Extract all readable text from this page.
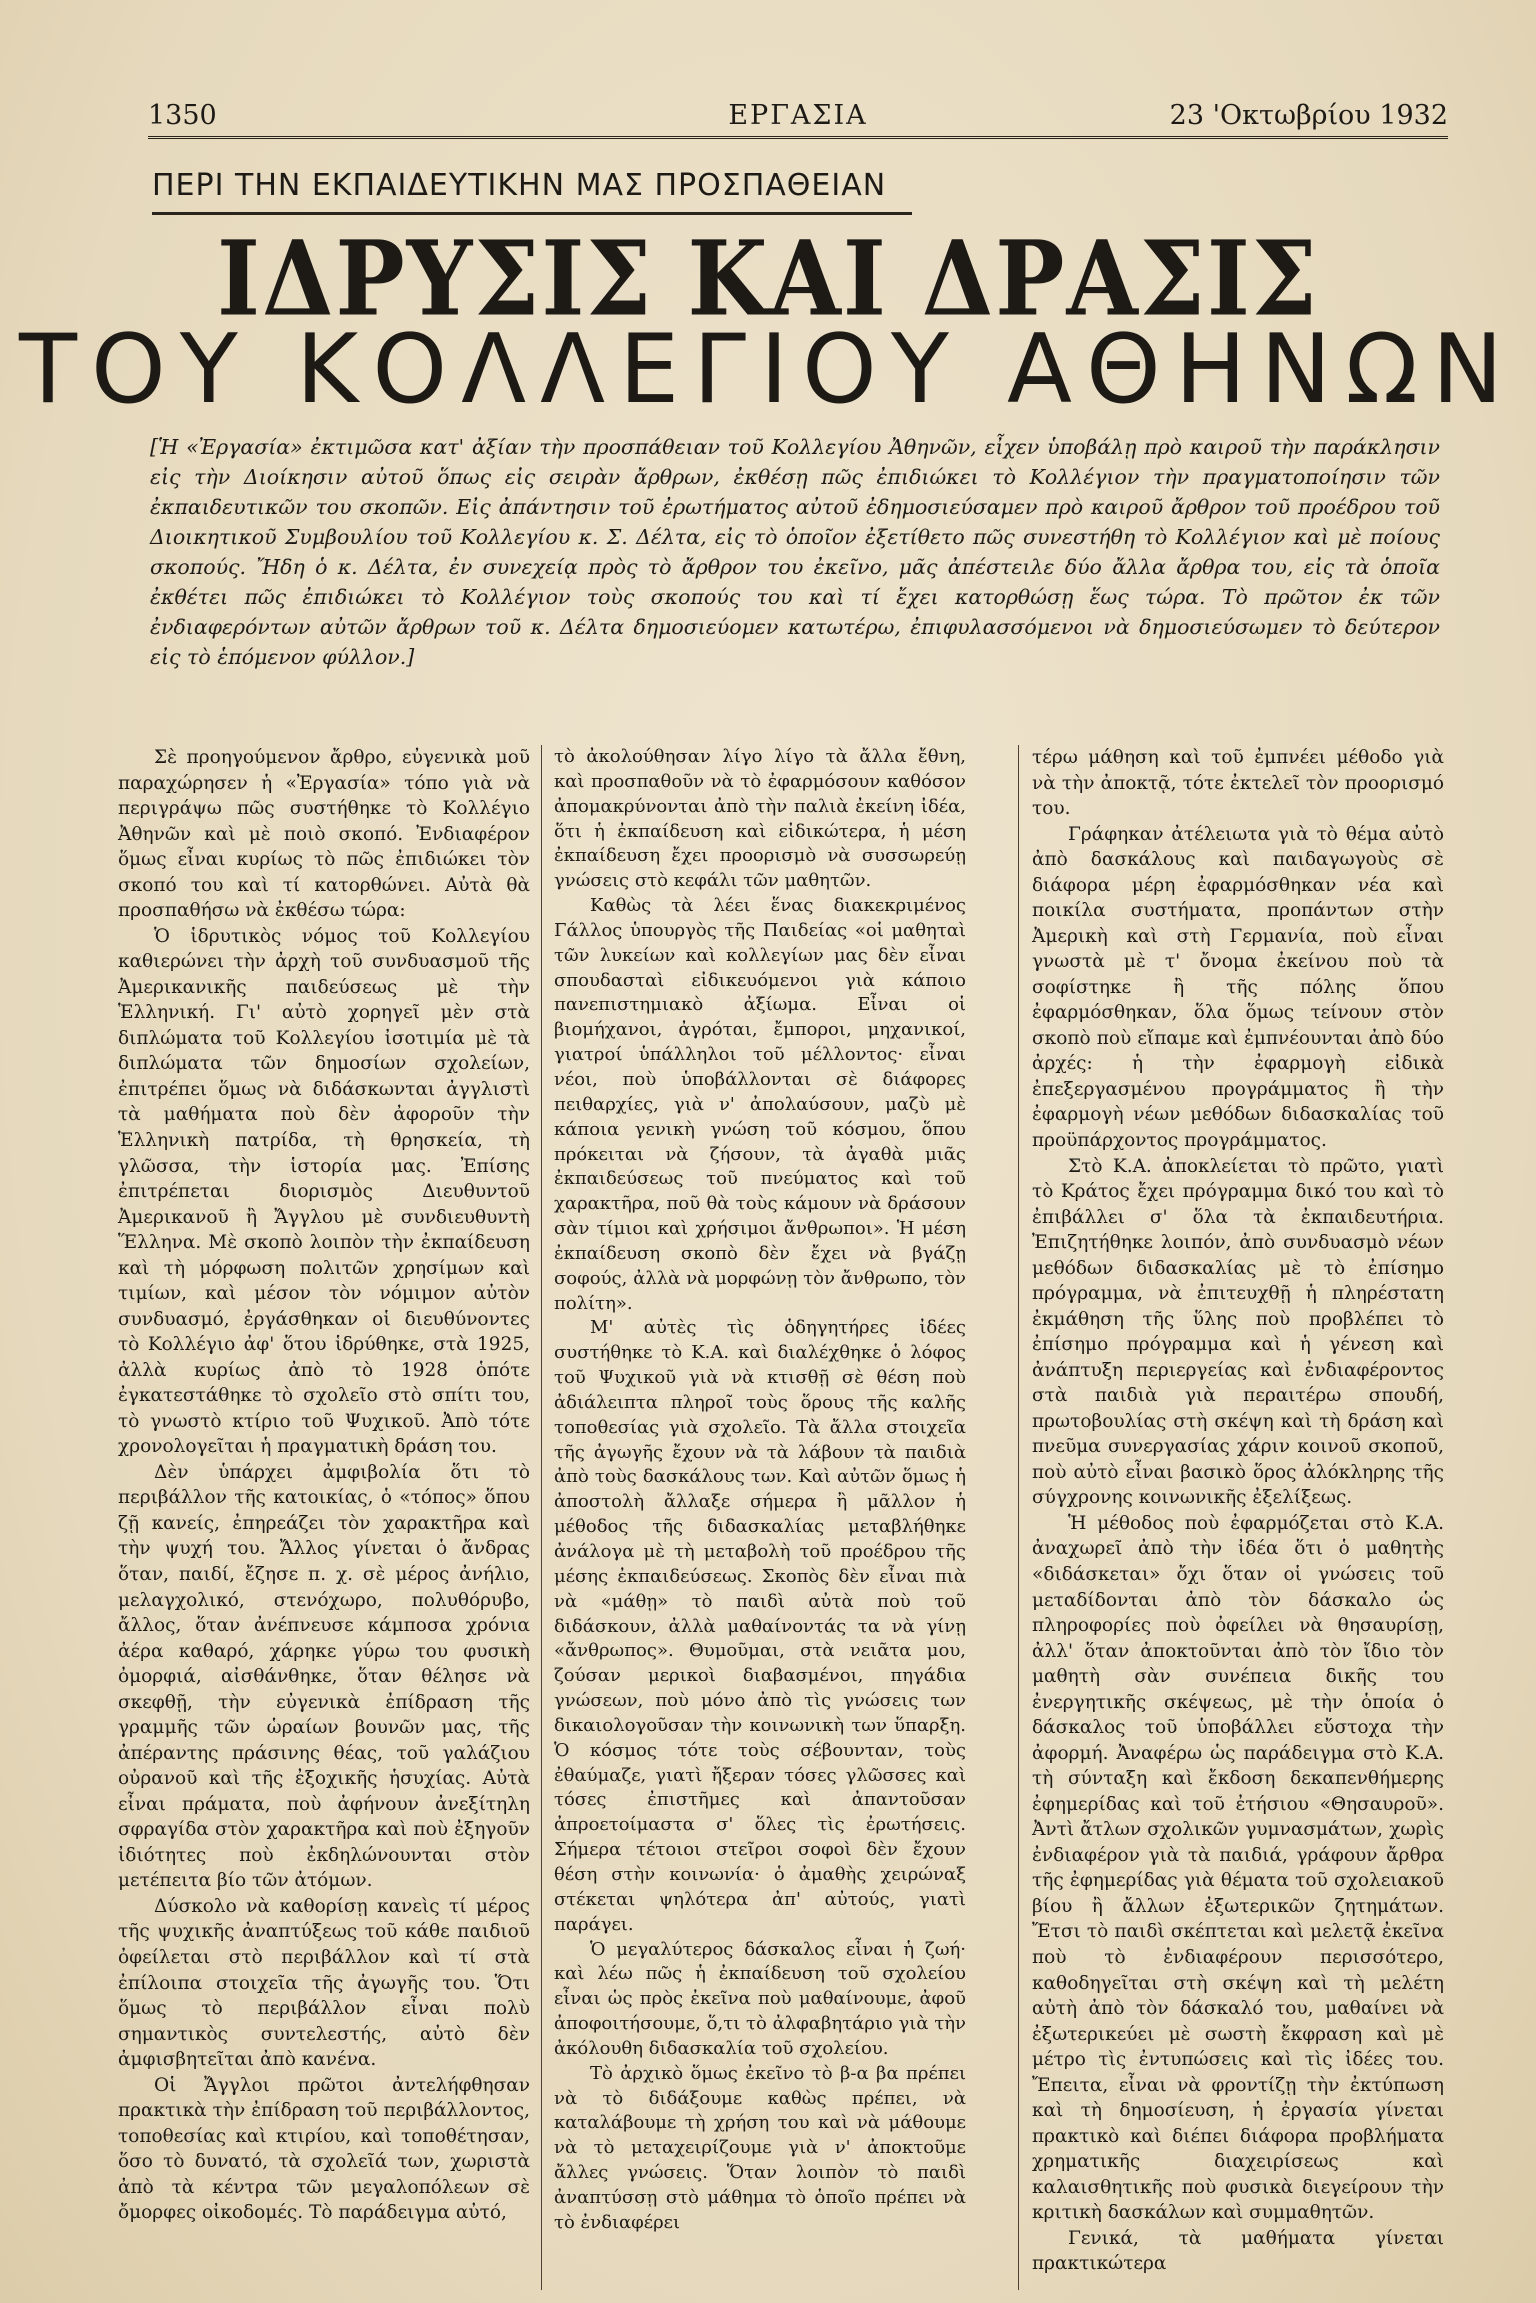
1350	ΕΡΓΑΣΙΑ	23 'Οκτωβρίου 1932
ΠΕΡΙ ΤΗΝ ΕΚΠΑΙΔΕΥΤΙΚΗΝ ΜΑΣ ΠΡΟΣΠΑΘΕΙΑΝ
ΙΔΡΥΣΙΣ ΚΑΙ ΔΡΑΣΙΣ
ΤΟΥ ΚΟΛΛΕΓΙΟΥ ΑΘΗΝΩΝ
[Ἡ «Ἐργασία» ἐκτιμῶσα κατ' ἀξίαν τὴν προσπάθειαν τοῦ Κολλεγίου Ἀθηνῶν, εἶχεν ὑποβάλῃ πρὸ καιροῦ τὴν παράκλησιν εἰς τὴν Διοίκησιν αὐτοῦ ὅπως εἰς σειρὰν ἄρθρων, ἐκθέσῃ πῶς ἐπιδιώκει τὸ Κολλέγιον τὴν πραγματοποίησιν τῶν ἐκπαιδευτικῶν του σκοπῶν. Εἰς ἀπάντησιν τοῦ ἐρωτήματος αὐτοῦ ἐδημοσιεύσαμεν πρὸ καιροῦ ἄρθρον τοῦ προέδρου τοῦ Διοικητικοῦ Συμβουλίου τοῦ Κολλεγίου κ. Σ. Δέλτα, εἰς τὸ ὁποῖον ἐξετίθετο πῶς συνεστήθη τὸ Κολλέγιον καὶ μὲ ποίους σκοπούς. Ἤδη ὁ κ. Δέλτα, ἐν συνεχείᾳ πρὸς τὸ ἄρθρον του ἐκεῖνο, μᾶς ἀπέστειλε δύο ἄλλα ἄρθρα του, εἰς τὰ ὁποῖα ἐκθέτει πῶς ἐπιδιώκει τὸ Κολλέγιον τοὺς σκοπούς του καὶ τί ἔχει κατορθώσῃ ἕως τώρα. Τὸ πρῶτον ἐκ τῶν ἐνδιαφερόντων αὐτῶν ἄρθρων τοῦ κ. Δέλτα δημοσιεύομεν κατωτέρω, ἐπιφυλασσόμενοι νὰ δημοσιεύσωμεν τὸ δεύτερον εἰς τὸ ἑπόμενον φύλλον.]

Σὲ προηγούμενον ἄρθρο, εὐγενικὰ μοῦ παραχώρησεν ἡ «Ἐργασία» τόπο γιὰ νὰ περιγράψω πῶς συστήθηκε τὸ Κολλέγιο Ἀθηνῶν καὶ μὲ ποιὸ σκοπό. Ἐνδιαφέρον ὅμως εἶναι κυρίως τὸ πῶς ἐπιδιώκει τὸν σκοπό του καὶ τί κατορθώνει. Αὐτὰ θὰ προσπαθήσω νὰ ἐκθέσω τώρα:

Ὁ ἱδρυτικὸς νόμος τοῦ Κολλεγίου καθιερώνει τὴν ἀρχὴ τοῦ συνδυασμοῦ τῆς Ἀμερικανικῆς παιδεύσεως μὲ τὴν Ἑλληνική. Γι' αὐτὸ χορηγεῖ μὲν στὰ διπλώματα τοῦ Κολλεγίου ἰσοτιμία μὲ τὰ διπλώματα τῶν δημοσίων σχολείων, ἐπιτρέπει ὅμως νὰ διδάσκωνται ἀγγλιστὶ τὰ μαθήματα ποὺ δὲν ἀφοροῦν τὴν Ἑλληνικὴ πατρίδα, τὴ θρησκεία, τὴ γλῶσσα, τὴν ἱστορία μας. Ἐπίσης ἐπιτρέπεται διορισμὸς Διευθυντοῦ Ἀμερικανοῦ ἢ Ἄγγλου μὲ συνδιευθυντὴ Ἕλληνα. Μὲ σκοπὸ λοιπὸν τὴν ἐκπαίδευση καὶ τὴ μόρφωση πολιτῶν χρησίμων καὶ τιμίων, καὶ μέσον τὸν νόμιμον αὐτὸν συνδυασμό, ἐργάσθηκαν οἱ διευθύνοντες τὸ Κολλέγιο ἀφ' ὅτου ἱδρύθηκε, στὰ 1925, ἀλλὰ κυρίως ἀπὸ τὸ 1928 ὁπότε ἐγκατεστάθηκε τὸ σχολεῖο στὸ σπίτι του, τὸ γνωστὸ κτίριο τοῦ Ψυχικοῦ. Ἀπὸ τότε χρονολογεῖται ἡ πραγματικὴ δράση του.

Δὲν ὑπάρχει ἀμφιβολία ὅτι τὸ περιβάλλον τῆς κατοικίας, ὁ «τόπος» ὅπου ζῇ κανείς, ἐπηρεάζει τὸν χαρακτῆρα καὶ τὴν ψυχή του. Ἄλλος γίνεται ὁ ἄνδρας ὅταν, παιδί, ἔζησε π. χ. σὲ μέρος ἀνήλιο, μελαγχολικό, στενόχωρο, πολυθόρυβο, ἄλλος, ὅταν ἀνέπνευσε κάμποσα χρόνια ἀέρα καθαρό, χάρηκε γύρω του φυσικὴ ὀμορφιά, αἰσθάνθηκε, ὅταν θέλησε νὰ σκεφθῇ, τὴν εὐγενικὰ ἐπίδραση τῆς γραμμῆς τῶν ὡραίων βουνῶν μας, τῆς ἀπέραντης πράσινης θέας, τοῦ γαλάζιου οὐρανοῦ καὶ τῆς ἐξοχικῆς ἡσυχίας. Αὐτὰ εἶναι πράματα, ποὺ ἀφήνουν ἀνεξίτηλη σφραγίδα στὸν χαρακτῆρα καὶ ποὺ ἐξηγοῦν ἰδιότητες ποὺ ἐκδηλώνουνται στὸν μετέπειτα βίο τῶν ἀτόμων.

Δύσκολο νὰ καθορίσῃ κανεὶς τί μέρος τῆς ψυχικῆς ἀναπτύξεως τοῦ κάθε παιδιοῦ ὀφείλεται στὸ περιβάλλον καὶ τί στὰ ἐπίλοιπα στοιχεῖα τῆς ἀγωγῆς του. Ὅτι ὅμως τὸ περιβάλλον εἶναι πολὺ σημαντικὸς συντελεστής, αὐτὸ δὲν ἀμφισβητεῖται ἀπὸ κανένα.

Οἱ Ἄγγλοι πρῶτοι ἀντελήφθησαν πρακτικὰ τὴν ἐπίδραση τοῦ περιβάλλοντος, τοποθεσίας καὶ κτιρίου, καὶ τοποθέτησαν, ὅσο τὸ δυνατό, τὰ σχολεῖά των, χωριστὰ ἀπὸ τὰ κέντρα τῶν μεγαλοπόλεων σὲ ὄμορφες οἰκοδομές. Τὸ παράδειγμα αὐτό,

τὸ ἀκολούθησαν λίγο λίγο τὰ ἄλλα ἔθνη, καὶ προσπαθοῦν νὰ τὸ ἐφαρμόσουν καθόσον ἀπομακρύνονται ἀπὸ τὴν παλιὰ ἐκείνη ἰδέα, ὅτι ἡ ἐκπαίδευση καὶ εἰδικώτερα, ἡ μέση ἐκπαίδευση ἔχει προορισμὸ νὰ συσσωρεύῃ γνώσεις στὸ κεφάλι τῶν μαθητῶν.

Καθὼς τὰ λέει ἕνας διακεκριμένος Γάλλος ὑπουργὸς τῆς Παιδείας «οἱ μαθηταὶ τῶν λυκείων καὶ κολλεγίων μας δὲν εἶναι σπουδασταὶ εἰδικευόμενοι γιὰ κάποιο πανεπιστημιακὸ ἀξίωμα. Εἶναι οἱ βιομήχανοι, ἀγρόται, ἔμποροι, μηχανικοί, γιατροί ὑπάλληλοι τοῦ μέλλοντος· εἶναι νέοι, ποὺ ὑποβάλλονται σὲ διάφορες πειθαρχίες, γιὰ ν' ἀπολαύσουν, μαζὺ μὲ κάποια γενικὴ γνώση τοῦ κόσμου, ὅπου πρόκειται νὰ ζήσουν, τὰ ἀγαθὰ μιᾶς ἐκπαιδεύσεως τοῦ πνεύματος καὶ τοῦ χαρακτῆρα, ποῦ θὰ τοὺς κάμουν νὰ δράσουν σὰν τίμιοι καὶ χρήσιμοι ἄνθρωποι». Ἡ μέση ἐκπαίδευση σκοπὸ δὲν ἔχει νὰ βγάζῃ σοφούς, ἀλλὰ νὰ μορφώνῃ τὸν ἄνθρωπο, τὸν πολίτη».

Μ' αὐτὲς τὶς ὁδηγητήρες ἰδέες συστήθηκε τὸ Κ.Α. καὶ διαλέχθηκε ὁ λόφος τοῦ Ψυχικοῦ γιὰ νὰ κτισθῇ σὲ θέση ποὺ ἀδιάλειπτα πληροῖ τοὺς ὅρους τῆς καλῆς τοποθεσίας γιὰ σχολεῖο. Τὰ ἄλλα στοιχεῖα τῆς ἀγωγῆς ἔχουν νὰ τὰ λάβουν τὰ παιδιὰ ἀπὸ τοὺς δασκάλους των. Καὶ αὐτῶν ὅμως ἡ ἀποστολὴ ἄλλαξε σήμερα ἢ μᾶλλον ἡ μέθοδος τῆς διδασκαλίας μεταβλήθηκε ἀνάλογα μὲ τὴ μεταβολὴ τοῦ προέδρου τῆς μέσης ἐκπαιδεύσεως. Σκοπὸς δὲν εἶναι πιὰ νὰ «μάθῃ» τὸ παιδὶ αὐτὰ ποὺ τοῦ διδάσκουν, ἀλλὰ μαθαίνοντάς τα νὰ γίνῃ «ἄνθρωπος». Θυμοῦμαι, στὰ νειᾶτα μου, ζούσαν μερικοὶ διαβασμένοι, πηγάδια γνώσεων, ποὺ μόνο ἀπὸ τὶς γνώσεις των δικαιολογοῦσαν τὴν κοινωνικὴ των ὕπαρξη. Ὁ κόσμος τότε τοὺς σέβουνταν, τοὺς ἐθαύμαζε, γιατὶ ἤξεραν τόσες γλῶσσες καὶ τόσες ἐπιστῆμες καὶ ἀπαντοῦσαν ἀπροετοίμαστα σ' ὅλες τὶς ἐρωτήσεις. Σήμερα τέτοιοι στεῖροι σοφοὶ δὲν ἔχουν θέση στὴν κοινωνία· ὁ ἀμαθὴς χειρώναξ στέκεται ψηλότερα ἀπ' αὐτούς, γιατὶ παράγει.

Ὁ μεγαλύτερος δάσκαλος εἶναι ἡ ζωή· καὶ λέω πῶς ἡ ἐκπαίδευση τοῦ σχολείου εἶναι ὡς πρὸς ἐκεῖνα ποὺ μαθαίνουμε, ἀφοῦ ἀποφοιτήσουμε, ὅ,τι τὸ ἀλφαβητάριο γιὰ τὴν ἀκόλουθη διδασκαλία τοῦ σχολείου.

Τὸ ἀρχικὸ ὅμως ἐκεῖνο τὸ β-α βα πρέπει νὰ τὸ διδάξουμε καθὼς πρέπει, νὰ καταλάβουμε τὴ χρήση του καὶ νὰ μάθουμε νὰ τὸ μεταχειρίζουμε γιὰ ν' ἀποκτοῦμε ἄλλες γνώσεις. Ὅταν λοιπὸν τὸ παιδὶ ἀναπτύσσῃ στὸ μάθημα τὸ ὁποῖο πρέπει νὰ τὸ ἐνδιαφέρει

τέρω μάθηση καὶ τοῦ ἐμπνέει μέθοδο γιὰ νὰ τὴν ἀποκτᾷ, τότε ἐκτελεῖ τὸν προορισμό του.

Γράφηκαν ἀτέλειωτα γιὰ τὸ θέμα αὐτὸ ἀπὸ δασκάλους καὶ παιδαγωγοὺς σὲ διάφορα μέρη ἐφαρμόσθηκαν νέα καὶ ποικίλα συστήματα, προπάντων στὴν Ἀμερικὴ καὶ στὴ Γερμανία, ποὺ εἶναι γνωστὰ μὲ τ' ὄνομα ἐκείνου ποὺ τὰ σοφίστηκε ἢ τῆς πόλης ὅπου ἐφαρμόσθηκαν, ὅλα ὅμως τείνουν στὸν σκοπὸ ποὺ εἴπαμε καὶ ἐμπνέουνται ἀπὸ δύο ἀρχές: ἡ τὴν ἐφαρμογὴ εἰδικὰ ἐπεξεργασμένου προγράμματος ἢ τὴν ἐφαρμογὴ νέων μεθόδων διδασκαλίας τοῦ προϋπάρχοντος προγράμματος.

Στὸ Κ.Α. ἀποκλείεται τὸ πρῶτο, γιατὶ τὸ Κράτος ἔχει πρόγραμμα δικό του καὶ τὸ ἐπιβάλλει σ' ὅλα τὰ ἐκπαιδευτήρια. Ἐπιζητήθηκε λοιπόν, ἀπὸ συνδυασμὸ νέων μεθόδων διδασκαλίας μὲ τὸ ἐπίσημο πρόγραμμα, νὰ ἐπιτευχθῇ ἡ πληρέστατη ἐκμάθηση τῆς ὕλης ποὺ προβλέπει τὸ ἐπίσημο πρόγραμμα καὶ ἡ γένεση καὶ ἀνάπτυξη περιεργείας καὶ ἐνδιαφέροντος στὰ παιδιὰ γιὰ περαιτέρω σπουδή, πρωτοβουλίας στὴ σκέψη καὶ τὴ δράση καὶ πνεῦμα συνεργασίας χάριν κοινοῦ σκοποῦ, ποὺ αὐτὸ εἶναι βασικὸ ὅρος ἀλόκληρης τῆς σύγχρονης κοινωνικῆς ἐξελίξεως.

Ἡ μέθοδος ποὺ ἐφαρμόζεται στὸ Κ.Α. ἀναχωρεῖ ἀπὸ τὴν ἰδέα ὅτι ὁ μαθητὴς «διδάσκεται» ὄχι ὅταν οἱ γνώσεις τοῦ μεταδίδονται ἀπὸ τὸν δάσκαλο ὡς πληροφορίες ποὺ ὀφείλει νὰ θησαυρίσῃ, ἀλλ' ὅταν ἀποκτοῦνται ἀπὸ τὸν ἴδιο τὸν μαθητὴ σὰν συνέπεια δικῆς του ἐνεργητικῆς σκέψεως, μὲ τὴν ὁποία ὁ δάσκαλος τοῦ ὑποβάλλει εὔστοχα τὴν ἀφορμή. Ἀναφέρω ὡς παράδειγμα στὸ Κ.Α. τὴ σύνταξη καὶ ἔκδοση δεκαπενθήμερης ἐφημερίδας καὶ τοῦ ἐτήσιου «Θησαυροῦ». Ἀντὶ ἄτλων σχολικῶν γυμνασμάτων, χωρὶς ἐνδιαφέρον γιὰ τὰ παιδιά, γράφουν ἄρθρα τῆς ἐφημερίδας γιὰ θέματα τοῦ σχολειακοῦ βίου ἢ ἄλλων ἐξωτερικῶν ζητημάτων. Ἔτσι τὸ παιδὶ σκέπτεται καὶ μελετᾷ ἐκεῖνα ποὺ τὸ ἐνδιαφέρουν περισσότερο, καθοδηγεῖται στὴ σκέψη καὶ τὴ μελέτη αὐτὴ ἀπὸ τὸν δάσκαλό του, μαθαίνει νὰ ἐξωτερικεύει μὲ σωστὴ ἔκφραση καὶ μὲ μέτρο τὶς ἐντυπώσεις καὶ τὶς ἰδέες του. Ἔπειτα, εἶναι νὰ φροντίζῃ τὴν ἐκτύπωση καὶ τὴ δημοσίευση, ἡ ἐργασία γίνεται πρακτικὸ καὶ διέπει διάφορα προβλήματα χρηματικῆς διαχειρίσεως καὶ καλαισθητικῆς ποὺ φυσικὰ διεγείρουν τὴν κριτικὴ δασκάλων καὶ συμμαθητῶν.

Γενικά, τὰ μαθήματα γίνεται πρακτικώτερα
